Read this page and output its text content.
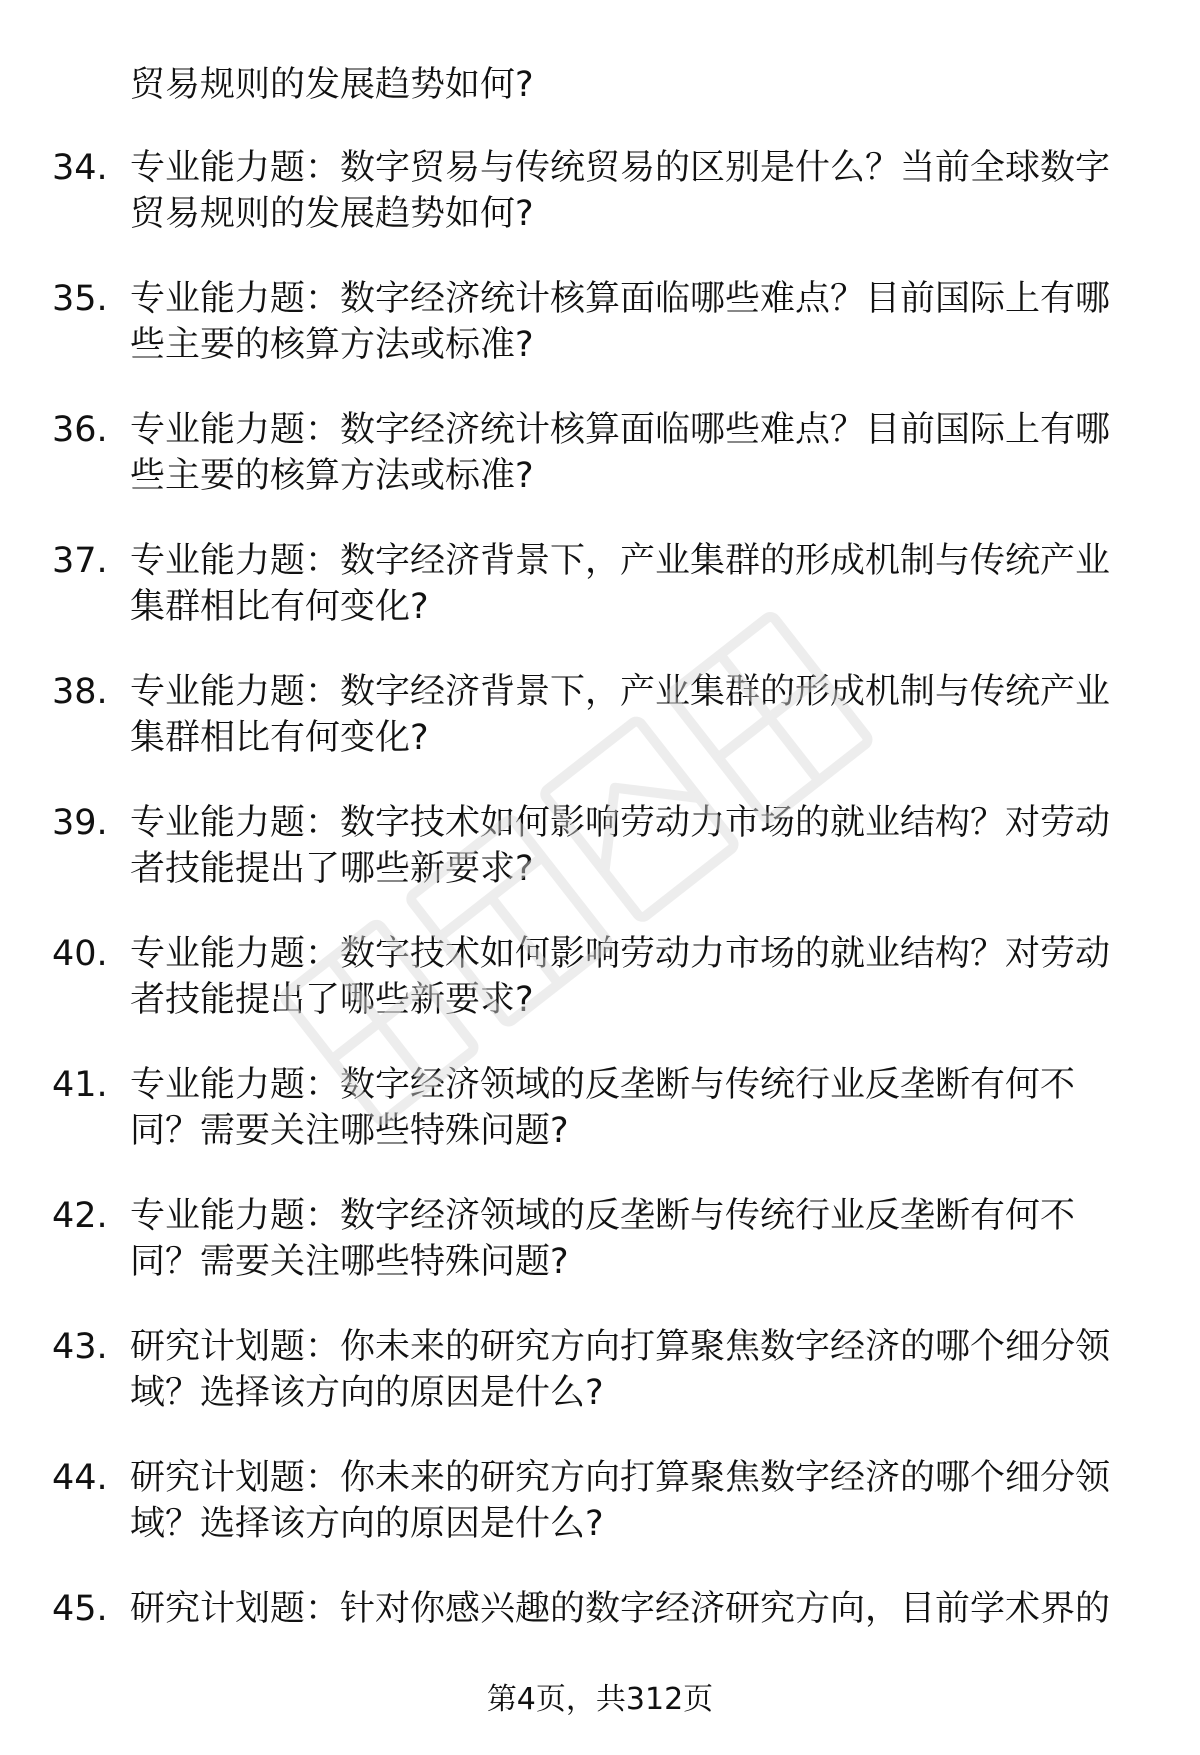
贸易规则的发展趋势如何?
34. 专业能力题：数字贸易与传统贸易的区别是什么？当前全球数字
贸易规则的发展趋势如何?
35. 专业能力题：数字经济统计核算面临哪些难点？目前国际上有哪
些主要的核算方法或标准?
36. 专业能力题：数字经济统计核算面临哪些难点？目前国际上有哪
些主要的核算方法或标准?
37. 专业能力题：数字经济背景下，产业集群的形成机制与传统产业
集群相比有何变化?
38. 专业能力题：数字经济背景下，产业集群的形成机制与传统产业
集群相比有何变化?
39. 专业能力题：数字技术如何影响劳动力市场的就业结构？对劳动
者技能提出了哪些新要求?
40. 专业能力题：数字技术如何影响劳动力市场的就业结构？对劳动
者技能提出了哪些新要求?
41. 专业能力题：数字经济领域的反垄断与传统行业反垄断有何不
同？需要关注哪些特殊问题?
42. 专业能力题：数字经济领域的反垄断与传统行业反垄断有何不
同？需要关注哪些特殊问题?
43. 研究计划题：你未来的研究方向打算聚焦数字经济的哪个细分领
域？选择该方向的原因是什么?
44. 研究计划题：你未来的研究方向打算聚焦数字经济的哪个细分领
域？选择该方向的原因是什么?
45. 研究计划题：针对你感兴趣的数字经济研究方向，目前学术界的
第4页，共312页
